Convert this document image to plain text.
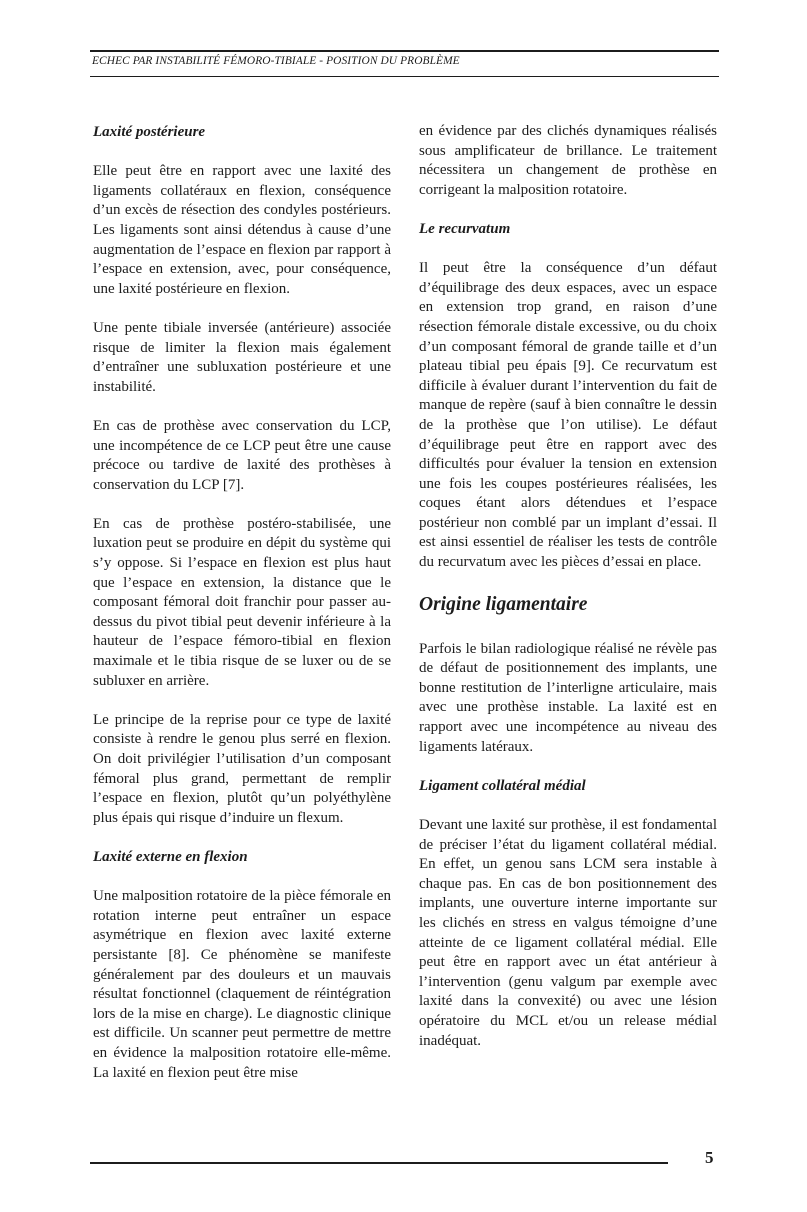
ECHEC PAR INSTABILITÉ FÉMORO-TIBIALE - POSITION DU PROBLÈME
Laxité postérieure

Elle peut être en rapport avec une laxité des ligaments collatéraux en flexion, conséquence d’un excès de résection des condyles postérieurs. Les ligaments sont ainsi détendus à cause d’une augmentation de l’espace en flexion par rapport à l’espace en extension, avec, pour conséquence, une laxité postérieure en flexion.

Une pente tibiale inversée (antérieure) associée risque de limiter la flexion mais également d’entraîner une subluxation postérieure et une instabilité.

En cas de prothèse avec conservation du LCP, une incompétence de ce LCP peut être une cause précoce ou tardive de laxité des prothèses à conservation du LCP [7].

En cas de prothèse postéro-stabilisée, une luxation peut se produire en dépit du système qui s’y oppose. Si l’espace en flexion est plus haut que l’espace en extension, la distance que le composant fémoral doit franchir pour passer au-dessus du pivot tibial peut devenir inférieure à la hauteur de l’espace fémoro-tibial en flexion maximale et le tibia risque de se luxer ou de se subluxer en arrière.

Le principe de la reprise pour ce type de laxité consiste à rendre le genou plus serré en flexion. On doit privilégier l’utilisation d’un composant fémoral plus grand, permettant de remplir l’espace en flexion, plutôt qu’un polyéthylène plus épais qui risque d’induire un flexum.

Laxité externe en flexion

Une malposition rotatoire de la pièce fémorale en rotation interne peut entraîner un espace asymétrique en flexion avec laxité externe persistante [8]. Ce phénomène se manifeste généralement par des douleurs et un mauvais résultat fonctionnel (claquement de réintégration lors de la mise en charge). Le diagnostic clinique est difficile. Un scanner peut permettre de mettre en évidence la malposition rotatoire elle-même. La laxité en flexion peut être mise

en évidence par des clichés dynamiques réalisés sous amplificateur de brillance. Le traitement nécessitera un changement de prothèse en corrigeant la malposition rotatoire.

Le recurvatum

Il peut être la conséquence d’un défaut d’équilibrage des deux espaces, avec un espace en extension trop grand, en raison d’une résection fémorale distale excessive, ou du choix d’un composant fémoral de grande taille et d’un plateau tibial peu épais [9]. Ce recurvatum est difficile à évaluer durant l’intervention du fait de manque de repère (sauf à bien connaître le dessin de la prothèse que l’on utilise). Le défaut d’équilibrage peut être en rapport avec des difficultés pour évaluer la tension en extension une fois les coupes postérieures réalisées, les coques étant alors détendues et l’espace postérieur non comblé par un implant d’essai. Il est ainsi essentiel de réaliser les tests de contrôle du recurvatum avec les pièces d’essai en place.

Origine ligamentaire

Parfois le bilan radiologique réalisé ne révèle pas de défaut de positionnement des implants, une bonne restitution de l’interligne articulaire, mais avec une prothèse instable. La laxité est en rapport avec une incompétence au niveau des ligaments latéraux.

Ligament collatéral médial

Devant une laxité sur prothèse, il est fondamental de préciser l’état du ligament collatéral médial. En effet, un genou sans LCM sera instable à chaque pas. En cas de bon positionnement des implants, une ouverture interne importante sur les clichés en stress en valgus témoigne d’une atteinte de ce ligament collatéral médial. Elle peut être en rapport avec un état antérieur à l’intervention (genu valgum par exemple avec laxité dans la convexité) ou avec une lésion opératoire du MCL et/ou un release médial inadéquat.

5
